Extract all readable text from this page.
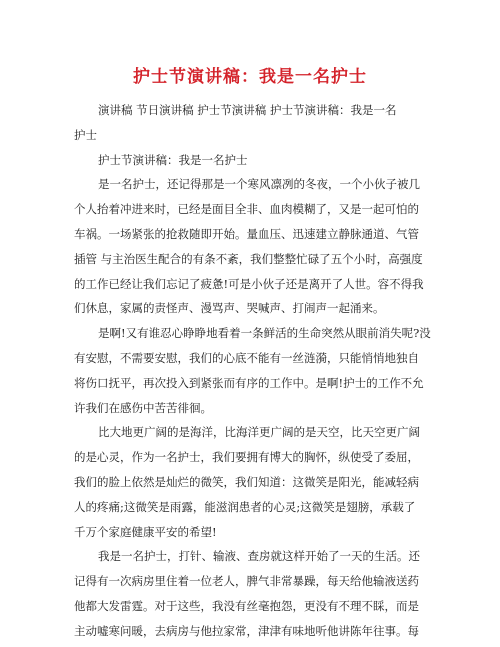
护士节演讲稿：我是一名护士
演讲稿 节日演讲稿 护士节演讲稿 护士节演讲稿：我是一名
护士
护士节演讲稿：我是一名护士
是一名护士，还记得那是一个寒风凛冽的冬夜，一个小伙子被几
个人抬着冲进来时，已经是面目全非、血肉模糊了，又是一起可怕的
车祸。一场紧张的抢救随即开始。量血压、迅速建立静脉通道、气管
插管 与主治医生配合的有条不紊，我们整整忙碌了五个小时，高强度
的工作已经让我们忘记了疲惫!可是小伙子还是离开了人世。容不得我
们休息，家属的责怪声、漫骂声、哭喊声、打闹声一起涌来。
是啊!又有谁忍心睁睁地看着一条鲜活的生命突然从眼前消失呢?没
有安慰，不需要安慰，我们的心底不能有一丝涟漪，只能悄悄地独自
将伤口抚平，再次投入到紧张而有序的工作中。是啊!护士的工作不允
许我们在感伤中苦苦徘徊。
比大地更广阔的是海洋，比海洋更广阔的是天空，比天空更广阔
的是心灵，作为一名护士，我们要拥有博大的胸怀，纵使受了委屈，
我们的脸上依然是灿烂的微笑，我们知道：这微笑是阳光，能减轻病
人的疼痛;这微笑是雨露，能滋润患者的心灵;这微笑是翅膀，承载了
千万个家庭健康平安的希望!
我是一名护士，打针、输液、查房就这样开始了一天的生活。还
记得有一次病房里住着一位老人，脾气非常暴躁，每天给他输液送药
他都大发雷霆。对于这些，我没有丝毫抱怨，更没有不理不睬，而是
主动嘘寒问暖，去病房与他拉家常，津津有味地听他讲陈年往事。每
